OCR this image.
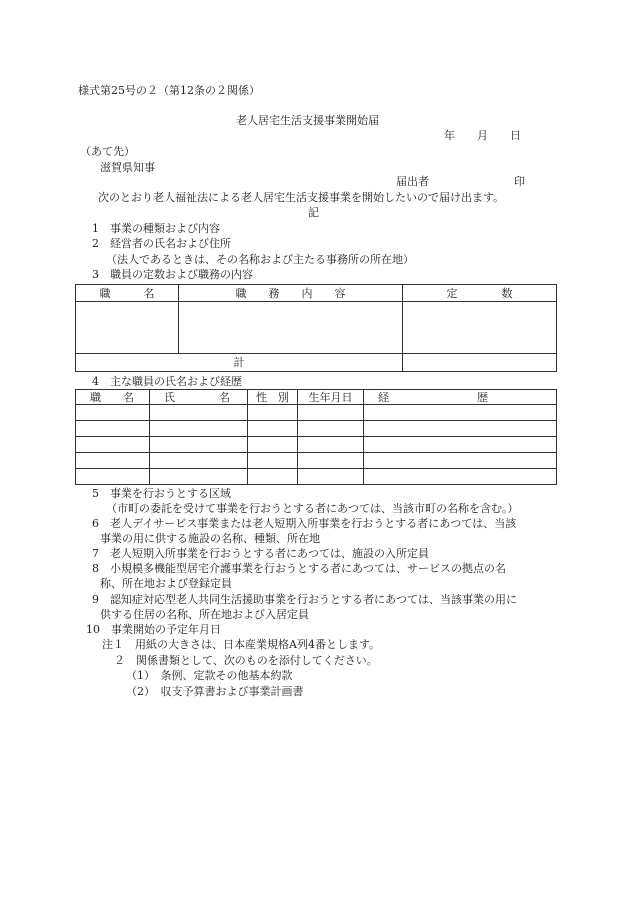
様式第25号の２（第12条の２関係）
老人居宅生活支援事業開始届
年　　月　　日
（あて先）
滋賀県知事
届出者	印
次のとおり老人福祉法による老人居宅生活支援事業を開始したいので届け出ます。
記
1　事業の種類および内容
2　経営者の氏名および住所
（法人であるときは、その名称および主たる事務所の所在地）
3　職員の定数および職務の内容
職　　　名	職　　務　　内　　容	定　　　　数

計		
4　主な職員の氏名および経歴
職　　名	氏　　　　名	性　別	生年月日	経　　　　　　　　歴

5　事業を行おうとする区域
（市町の委託を受けて事業を行おうとする者にあつては、当該市町の名称を含む。）
6　老人デイサービス事業または老人短期入所事業を行おうとする者にあつては、当該
事業の用に供する施設の名称、種類、所在地
7　老人短期入所事業を行おうとする者にあつては、施設の入所定員
8　小規模多機能型居宅介護事業を行おうとする者にあつては、サービスの拠点の名
称、所在地および登録定員
9　認知症対応型老人共同生活援助事業を行おうとする者にあつては、当該事業の用に
供する住居の名称、所在地および入居定員
10　事業開始の予定年月日
注１　用紙の大きさは、日本産業規格A列4番とします。
２　関係書類として、次のものを添付してください。
（1）　条例、定款その他基本約款
（2）　収支予算書および事業計画書
